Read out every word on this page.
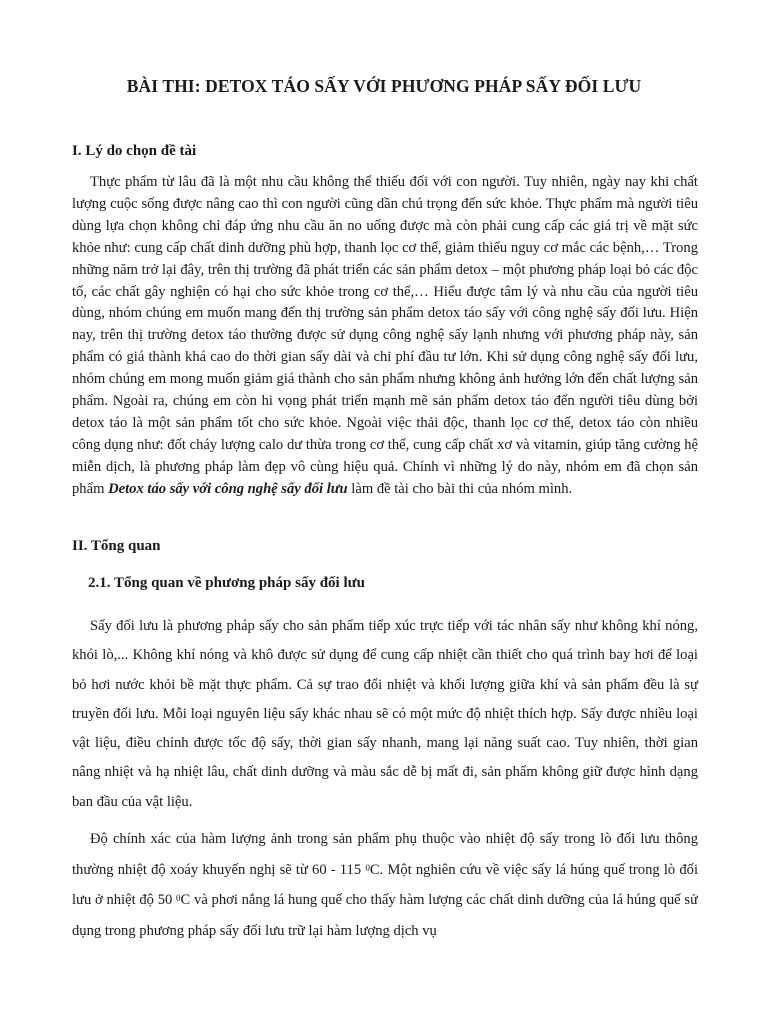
BÀI THI: DETOX TÁO SẤY VỚI PHƯƠNG PHÁP SẤY ĐỐI LƯU
I. Lý do chọn đề tài
Thực phẩm từ lâu đã là một nhu cầu không thể thiếu đối với con người. Tuy nhiên, ngày nay khi chất lượng cuộc sống được nâng cao thì con người cũng dần chú trọng đến sức khỏe. Thực phẩm mà người tiêu dùng lựa chọn không chỉ đáp ứng nhu cầu ăn no uống được mà còn phải cung cấp các giá trị về mặt sức khỏe như: cung cấp chất dinh dưỡng phù hợp, thanh lọc cơ thể, giảm thiểu nguy cơ mắc các bệnh,… Trong những năm trở lại đây, trên thị trường đã phát triển các sản phẩm detox – một phương pháp loại bỏ các độc tố, các chất gây nghiện có hại cho sức khỏe trong cơ thể,… Hiểu được tâm lý và nhu cầu của người tiêu dùng, nhóm chúng em muốn mang đến thị trường sản phẩm detox táo sấy với công nghệ sấy đối lưu. Hiện nay, trên thị trường detox táo thường được sử dụng công nghệ sấy lạnh nhưng với phương pháp này, sản phẩm có giá thành khá cao do thời gian sấy dài và chi phí đầu tư lớn. Khi sử dụng công nghệ sấy đối lưu, nhóm chúng em mong muốn giảm giá thành cho sản phẩm nhưng không ảnh hưởng lớn đến chất lượng sản phẩm. Ngoài ra, chúng em còn hi vọng phát triển mạnh mẽ sản phẩm detox táo đến người tiêu dùng bởi detox táo là một sản phẩm tốt cho sức khỏe. Ngoài việc thải độc, thanh lọc cơ thể, detox táo còn nhiều công dụng như: đốt cháy lượng calo dư thừa trong cơ thể, cung cấp chất xơ và vitamin, giúp tăng cường hệ miễn dịch, là phương pháp làm đẹp vô cùng hiệu quả. Chính vì những lý do này, nhóm em đã chọn sản phẩm Detox táo sấy với công nghệ sấy đối lưu làm đề tài cho bài thi của nhóm mình.
II. Tổng quan
2.1. Tổng quan về phương pháp sấy đối lưu
Sấy đối lưu là phương pháp sấy cho sản phẩm tiếp xúc trực tiếp với tác nhân sấy như không khí nóng, khói lò,... Không khí nóng và khô được sử dụng để cung cấp nhiệt cần thiết cho quá trình bay hơi để loại bỏ hơi nước khỏi bề mặt thực phẩm. Cả sự trao đổi nhiệt và khối lượng giữa khí và sản phẩm đều là sự truyền đối lưu. Mỗi loại nguyên liệu sấy khác nhau sẽ có một mức độ nhiệt thích hợp. Sấy được nhiều loại vật liệu, điều chỉnh được tốc độ sấy, thời gian sấy nhanh, mang lại năng suất cao. Tuy nhiên, thời gian nâng nhiệt và hạ nhiệt lâu, chất dinh dưỡng và màu sắc dễ bị mất đi, sản phẩm không giữ được hình dạng ban đầu của vật liệu.
Độ chính xác của hàm lượng ảnh trong sản phẩm phụ thuộc vào nhiệt độ sấy trong lò đối lưu thông thường nhiệt độ xoáy khuyến nghị sẽ từ 60 - 115 $^0$C. Một nghiên cứu về việc sấy lá húng quế trong lò đối lưu ở nhiệt độ 50 $^0$C và phơi nắng lá hung quế cho thấy hàm lượng các chất dinh dưỡng của lá húng quế sử dụng trong phương pháp sấy đối lưu trữ lại hàm lượng dịch vụ
